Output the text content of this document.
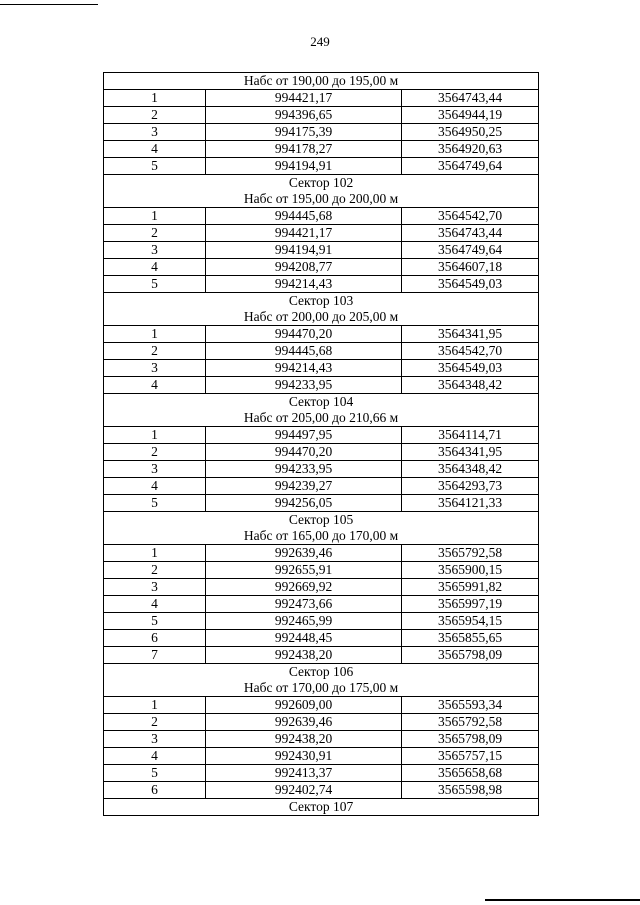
249
Набс от 190,00 до 195,00 м		

1	994421,17	3564743,44
2	994396,65	3564944,19
3	994175,39	3564950,25
4	994178,27	3564920,63
5	994194,91	3564749,64

Сектор 102
Набс от 195,00 до 200,00 м		

1	994445,68	3564542,70
2	994421,17	3564743,44
3	994194,91	3564749,64
4	994208,77	3564607,18
5	994214,43	3564549,03

Сектор 103
Набс от 200,00 до 205,00 м		

1	994470,20	3564341,95
2	994445,68	3564542,70
3	994214,43	3564549,03
4	994233,95	3564348,42

Сектор 104
Набс от 205,00 до 210,66 м		

1	994497,95	3564114,71
2	994470,20	3564341,95
3	994233,95	3564348,42
4	994239,27	3564293,73
5	994256,05	3564121,33

Сектор 105
Набс от 165,00 до 170,00 м		

1	992639,46	3565792,58
2	992655,91	3565900,15
3	992669,92	3565991,82
4	992473,66	3565997,19
5	992465,99	3565954,15
6	992448,45	3565855,65
7	992438,20	3565798,09

Сектор 106
Набс от 170,00 до 175,00 м		

1	992609,00	3565593,34
2	992639,46	3565792,58
3	992438,20	3565798,09
4	992430,91	3565757,15
5	992413,37	3565658,68
6	992402,74	3565598,98

Сектор 107		
